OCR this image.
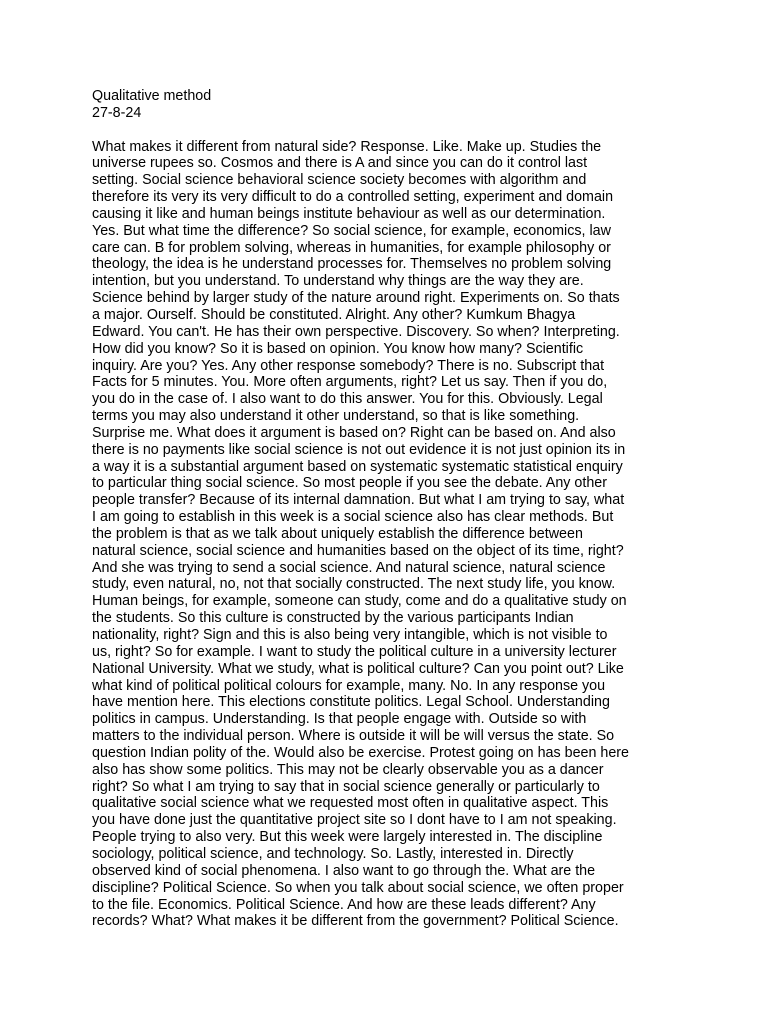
Qualitative method
27-8-24
What makes it different from natural side? Response. Like. Make up. Studies the
universe rupees so. Cosmos and there is A and since you can do it control last
setting. Social science behavioral science society becomes with algorithm and
therefore its very its very difficult to do a controlled setting, experiment and domain
causing it like and human beings institute behaviour as well as our determination.
Yes. But what time the difference? So social science, for example, economics, law
care can. B for problem solving, whereas in humanities, for example philosophy or
theology, the idea is he understand processes for. Themselves no problem solving
intention, but you understand. To understand why things are the way they are.
Science behind by larger study of the nature around right. Experiments on. So thats
a major. Ourself. Should be constituted. Alright. Any other? Kumkum Bhagya
Edward. You can't. He has their own perspective. Discovery. So when? Interpreting.
How did you know? So it is based on opinion. You know how many? Scientific
inquiry. Are you? Yes. Any other response somebody? There is no. Subscript that
Facts for 5 minutes. You. More often arguments, right? Let us say. Then if you do,
you do in the case of. I also want to do this answer. You for this. Obviously. Legal
terms you may also understand it other understand, so that is like something.
Surprise me. What does it argument is based on? Right can be based on. And also
there is no payments like social science is not out evidence it is not just opinion its in
a way it is a substantial argument based on systematic systematic statistical enquiry
to particular thing social science. So most people if you see the debate. Any other
people transfer? Because of its internal damnation. But what I am trying to say, what
I am going to establish in this week is a social science also has clear methods. But
the problem is that as we talk about uniquely establish the difference between
natural science, social science and humanities based on the object of its time, right?
And she was trying to send a social science. And natural science, natural science
study, even natural, no, not that socially constructed. The next study life, you know.
Human beings, for example, someone can study, come and do a qualitative study on
the students. So this culture is constructed by the various participants Indian
nationality, right? Sign and this is also being very intangible, which is not visible to
us, right? So for example. I want to study the political culture in a university lecturer
National University. What we study, what is political culture? Can you point out? Like
what kind of political political colours for example, many. No. In any response you
have mention here. This elections constitute politics. Legal School. Understanding
politics in campus. Understanding. Is that people engage with. Outside so with
matters to the individual person. Where is outside it will be will versus the state. So
question Indian polity of the. Would also be exercise. Protest going on has been here
also has show some politics. This may not be clearly observable you as a dancer
right? So what I am trying to say that in social science generally or particularly to
qualitative social science what we requested most often in qualitative aspect. This
you have done just the quantitative project site so I dont have to I am not speaking.
People trying to also very. But this week were largely interested in. The discipline
sociology, political science, and technology. So. Lastly, interested in. Directly
observed kind of social phenomena. I also want to go through the. What are the
discipline? Political Science. So when you talk about social science, we often proper
to the file. Economics. Political Science. And how are these leads different? Any
records? What? What makes it be different from the government? Political Science.
